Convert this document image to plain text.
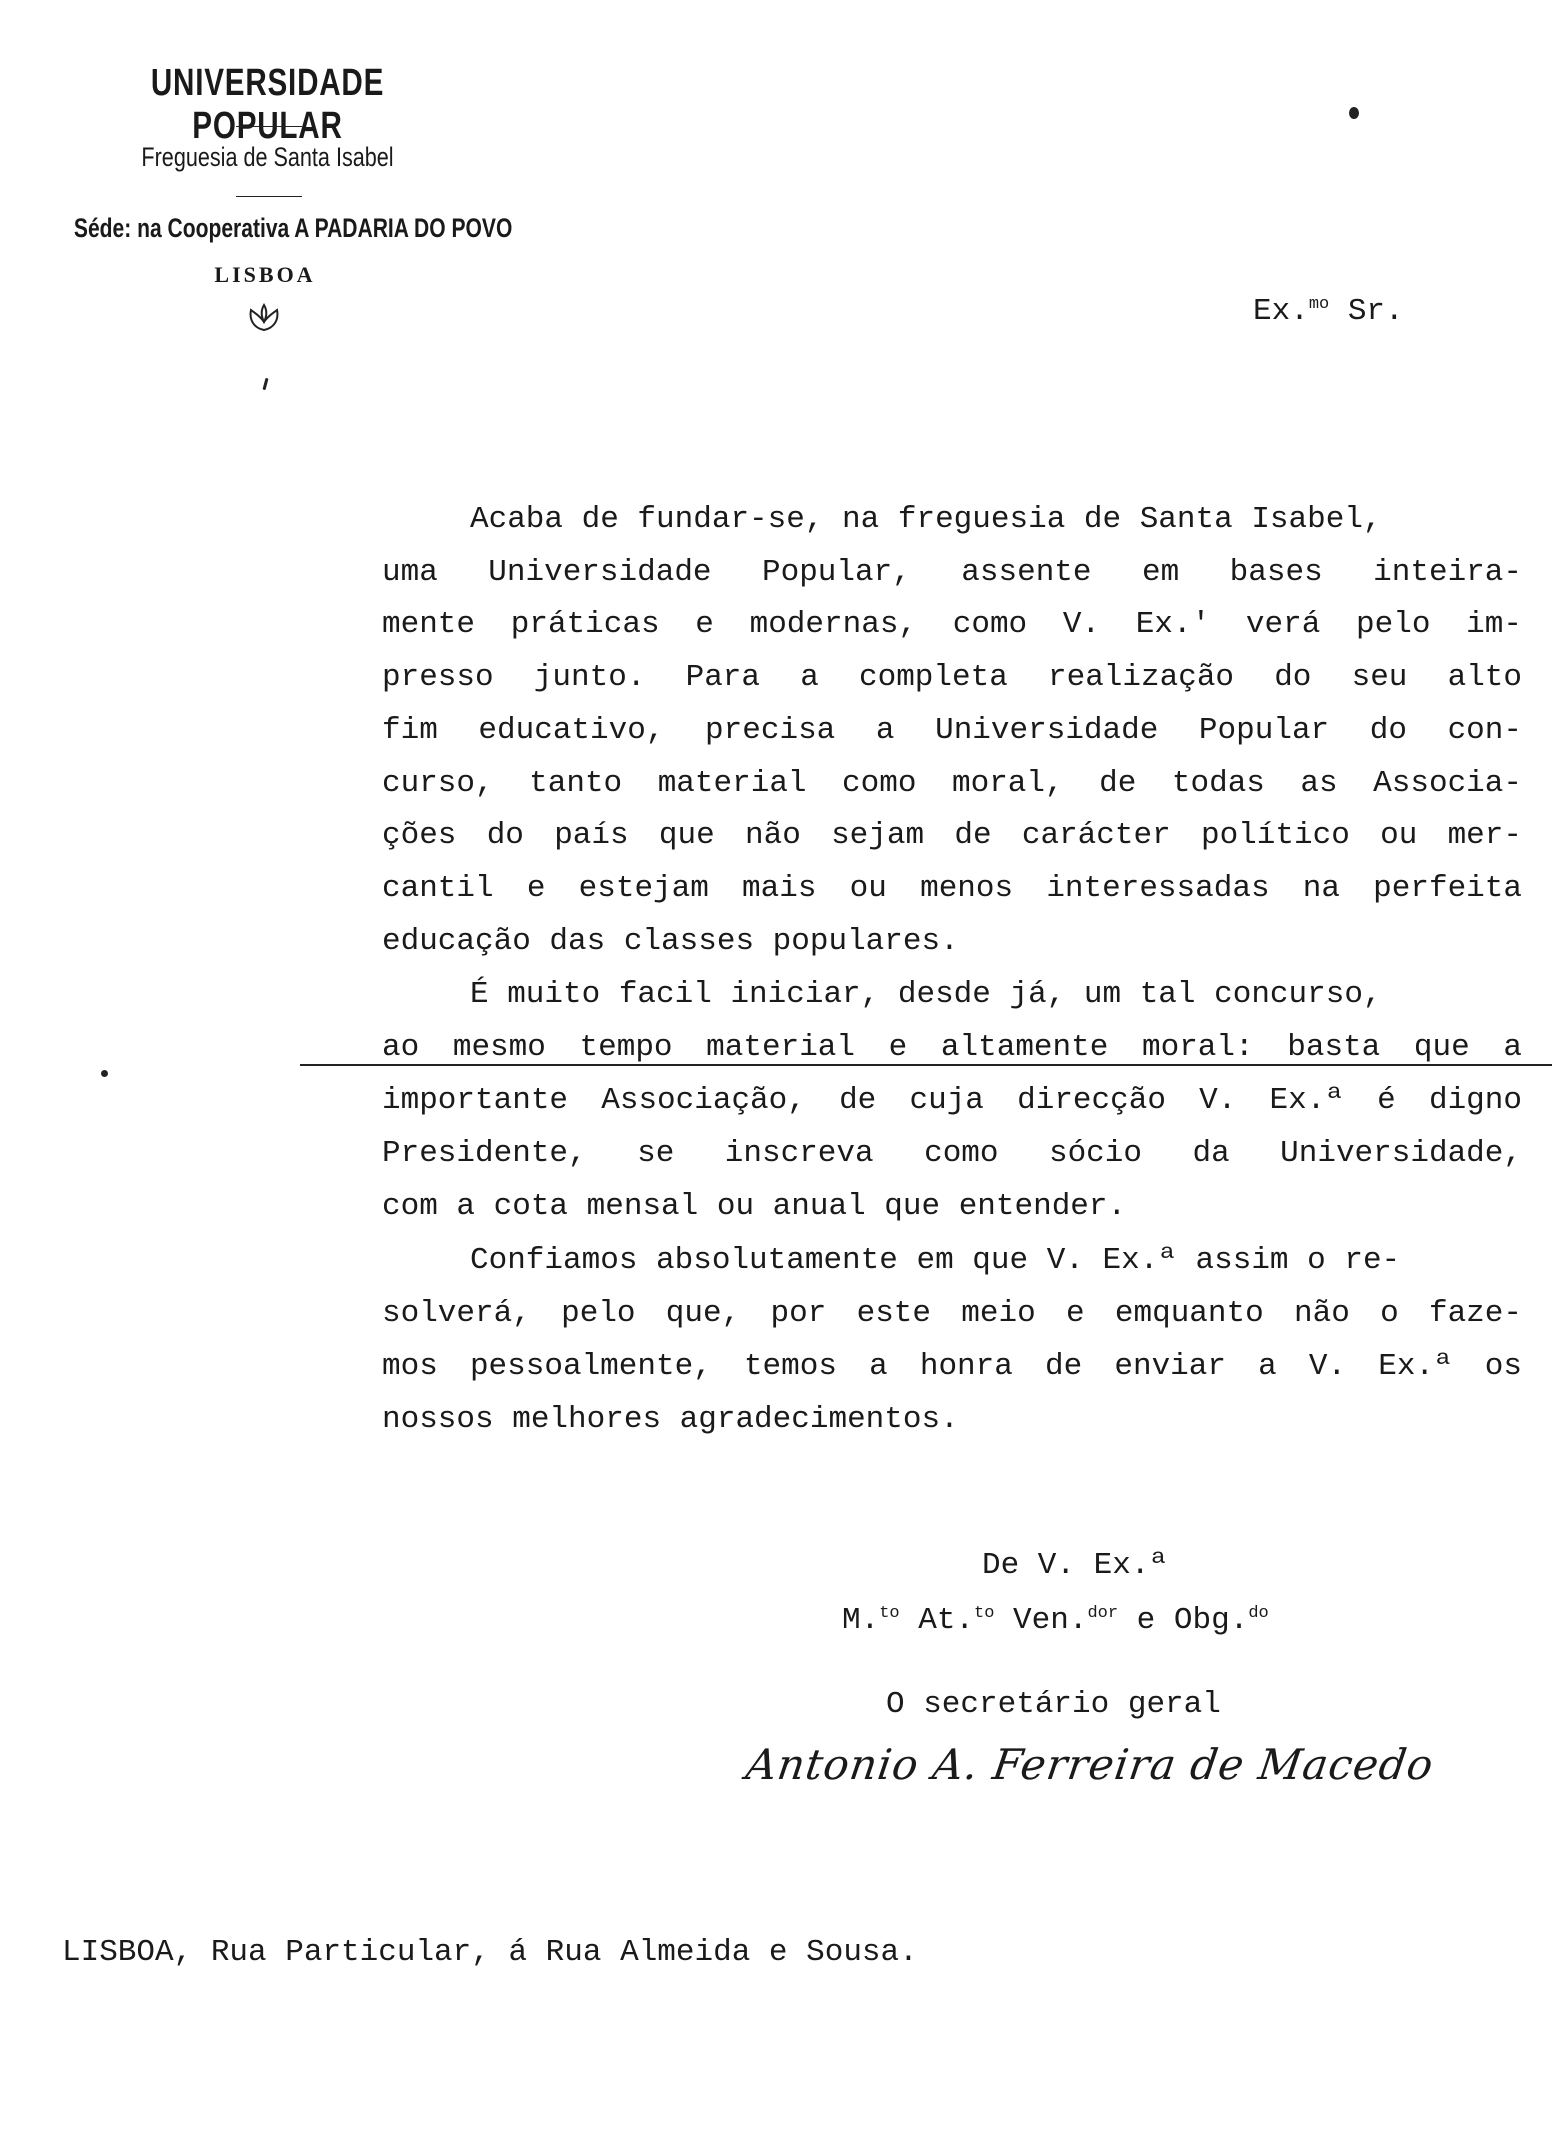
UNIVERSIDADE POPULAR
Freguesia de Santa Isabel
Séde: na Cooperativa A PADARIA DO POVO
LISBOA
Ex.$^{mo}$ Sr.
Acaba de fundar-se, na freguesia de Santa Isabel,
uma Universidade Popular, assente em bases inteira-
mente práticas e modernas, como V. Ex.' verá pelo im-
presso junto. Para a completa realização do seu alto
fim educativo, precisa a Universidade Popular do con-
curso, tanto material como moral, de todas as Associa-
ções do país que não sejam de carácter político ou mer-
cantil e estejam mais ou menos interessadas na perfeita
educação das classes populares.
É muito facil iniciar, desde já, um tal concurso,
ao mesmo tempo material e altamente moral: basta que a
importante Associação, de cuja direcção V. Ex.ª é digno
Presidente, se inscreva como sócio da Universidade,
com a cota mensal ou anual que entender.
Confiamos absolutamente em que V. Ex.ª assim o re-
solverá, pelo que, por este meio e emquanto não o faze-
mos pessoalmente, temos a honra de enviar a V. Ex.ª os
nossos melhores agradecimentos.
De V. Ex.ª
M.$^{to}$ At.$^{to}$ Ven.$^{dor}$ e Obg.$^{do}$
O secretário geral
Antonio A. Ferreira de Macedo
LISBOA, Rua Particular, á Rua Almeida e Sousa.
